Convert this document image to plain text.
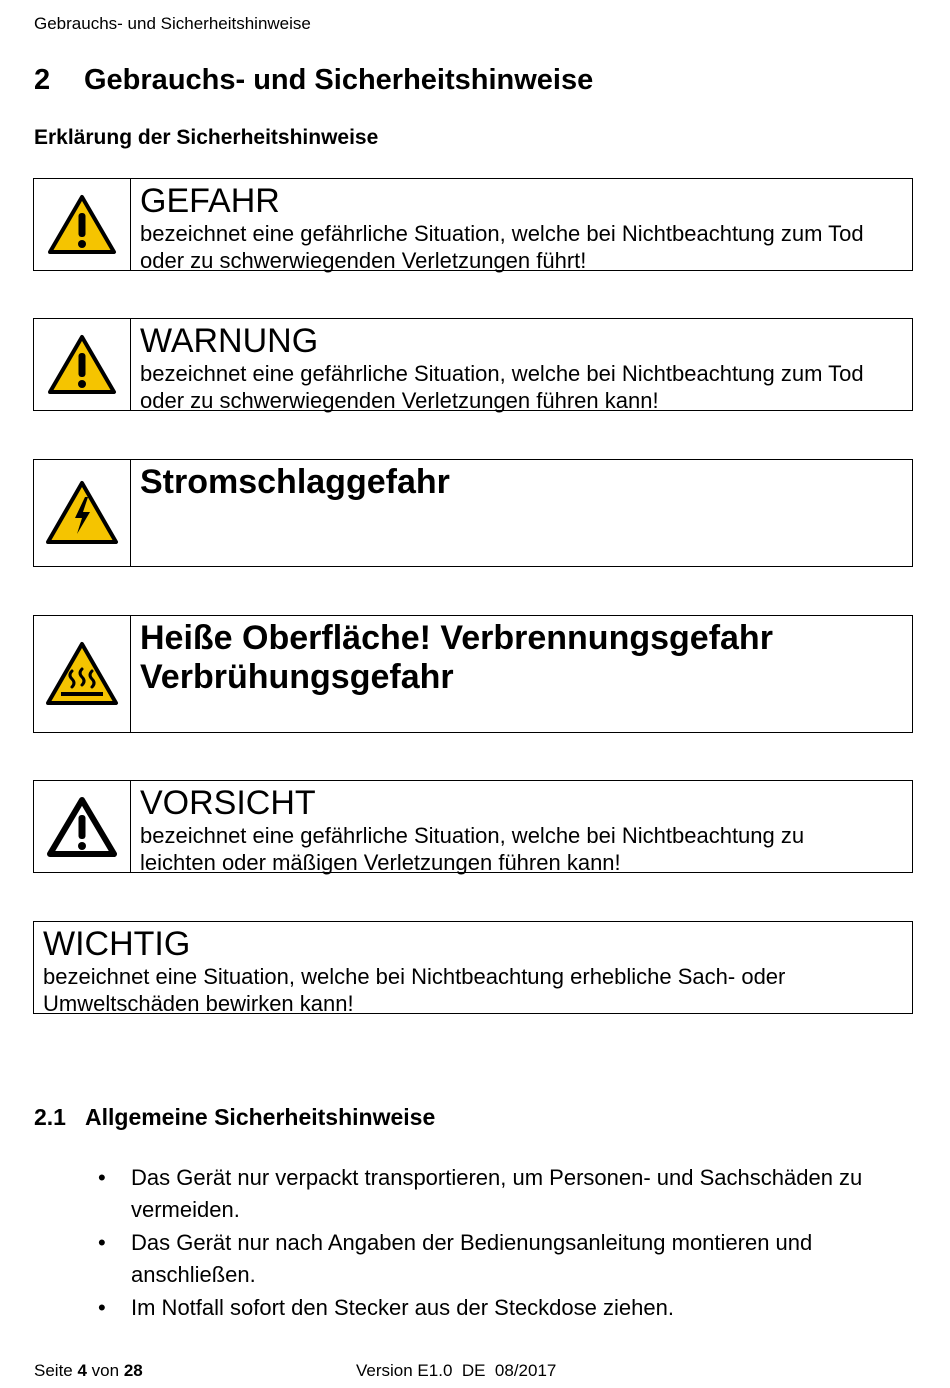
Gebrauchs- und Sicherheitshinweise
2 Gebrauchs- und Sicherheitshinweise
Erklärung der Sicherheitshinweise
GEFAHR
bezeichnet eine gefährliche Situation, welche bei Nichtbeachtung zum Tod
oder zu schwerwiegenden Verletzungen führt!
WARNUNG
bezeichnet eine gefährliche Situation, welche bei Nichtbeachtung zum Tod
oder zu schwerwiegenden Verletzungen führen kann!
Stromschlaggefahr
Heiße Oberfläche! Verbrennungsgefahr
Verbrühungsgefahr
VORSICHT
bezeichnet eine gefährliche Situation, welche bei Nichtbeachtung zu
leichten oder mäßigen Verletzungen führen kann!
WICHTIG
bezeichnet eine Situation, welche bei Nichtbeachtung erhebliche Sach- oder
Umweltschäden bewirken kann!
2.1 Allgemeine Sicherheitshinweise
• Das Gerät nur verpackt transportieren, um Personen- und Sachschäden zu
vermeiden.
• Das Gerät nur nach Angaben der Bedienungsanleitung montieren und
anschließen.
• Im Notfall sofort den Stecker aus der Steckdose ziehen.
Seite 4 von 28	Version E1.0  DE  08/2017
